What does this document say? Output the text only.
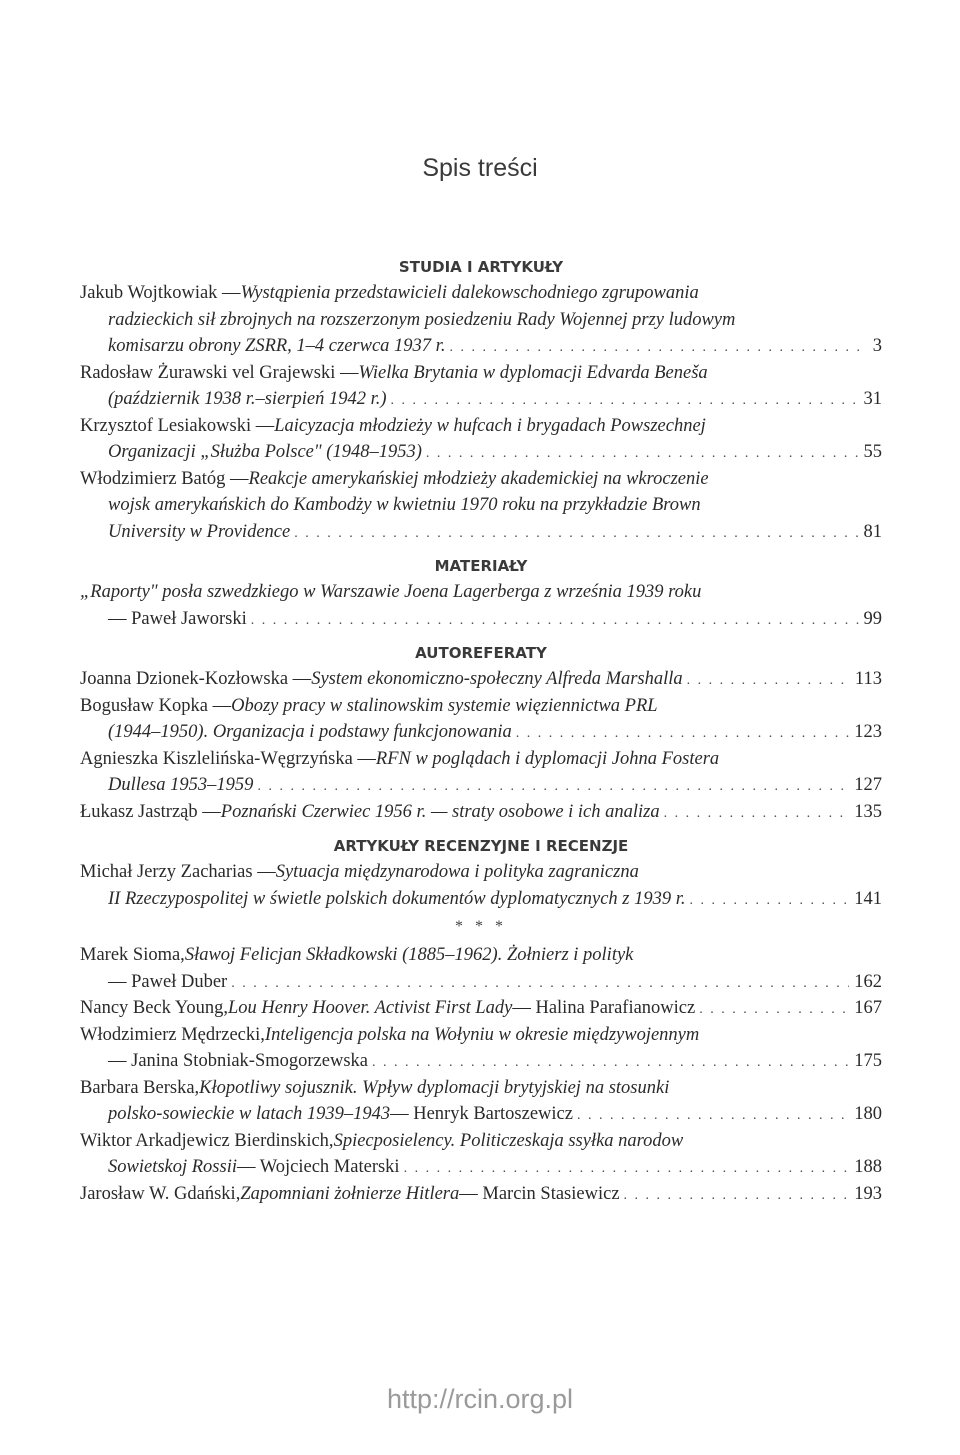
Spis treści
STUDIA I ARTYKUŁY
Jakub Wojtkowiak — Wystąpienia przedstawicieli dalekowschodniego zgrupowania
radzieckich sił zbrojnych na rozszerzonym posiedzeniu Rady Wojennej przy ludowym
komisarzu obrony ZSRR, 1–4 czerwca 1937 r. . . .	3
Radosław Żurawski vel Grajewski — Wielka Brytania w dyplomacji Edvarda Beneša
(październik 1938 r.–sierpień 1942 r.) . . .	31
Krzysztof Lesiakowski — Laicyzacja młodzieży w hufcach i brygadach Powszechnej
Organizacji „Służba Polsce" (1948–1953) . . .	55
Włodzimierz Batóg — Reakcje amerykańskiej młodzieży akademickiej na wkroczenie
wojsk amerykańskich do Kambodży w kwietniu 1970 roku na przykładzie Brown
University w Providence . . .	81
MATERIAŁY
„Raporty" posła szwedzkiego w Warszawie Joena Lagerberga z września 1939 roku
— Paweł Jaworski . . .	99
AUTOREFERATY
Joanna Dzionek-Kozłowska — System ekonomiczno-społeczny Alfreda Marshalla . . .	113
Bogusław Kopka — Obozy pracy w stalinowskim systemie więziennictwa PRL
(1944–1950). Organizacja i podstawy funkcjonowania . . .	123
Agnieszka Kiszlelińska-Węgrzyńska — RFN w poglądach i dyplomacji Johna Fostera
Dullesa 1953–1959 . . .	127
Łukasz Jastrząb — Poznański Czerwiec 1956 r. — straty osobowe i ich analiza . . .	135
ARTYKUŁY RECENZYJNE I RECENZJE
Michał Jerzy Zacharias — Sytuacja międzynarodowa i polityka zagraniczna
II Rzeczypospolitej w świetle polskich dokumentów dyplomatycznych z 1939 r. . . .	141
* * *
Marek Sioma, Sławoj Felicjan Składkowski (1885–1962). Żołnierz i polityk
— Paweł Duber . . .	162
Nancy Beck Young, Lou Henry Hoover. Activist First Lady — Halina Parafianowicz . . .	167
Włodzimierz Mędrzecki, Inteligencja polska na Wołyniu w okresie międzywojennym
— Janina Stobniak-Smogorzewska . . .	175
Barbara Berska, Kłopotliwy sojusznik. Wpływ dyplomacji brytyjskiej na stosunki
polsko-sowieckie w latach 1939–1943 — Henryk Bartoszewicz . . .	180
Wiktor Arkadjewicz Bierdinskich, Spiecposielency. Politiczeskaja ssyłka narodow
Sowietskoj Rossii — Wojciech Materski . . .	188
Jarosław W. Gdański, Zapomniani żołnierze Hitlera — Marcin Stasiewicz . . .	193
http://rcin.org.pl
